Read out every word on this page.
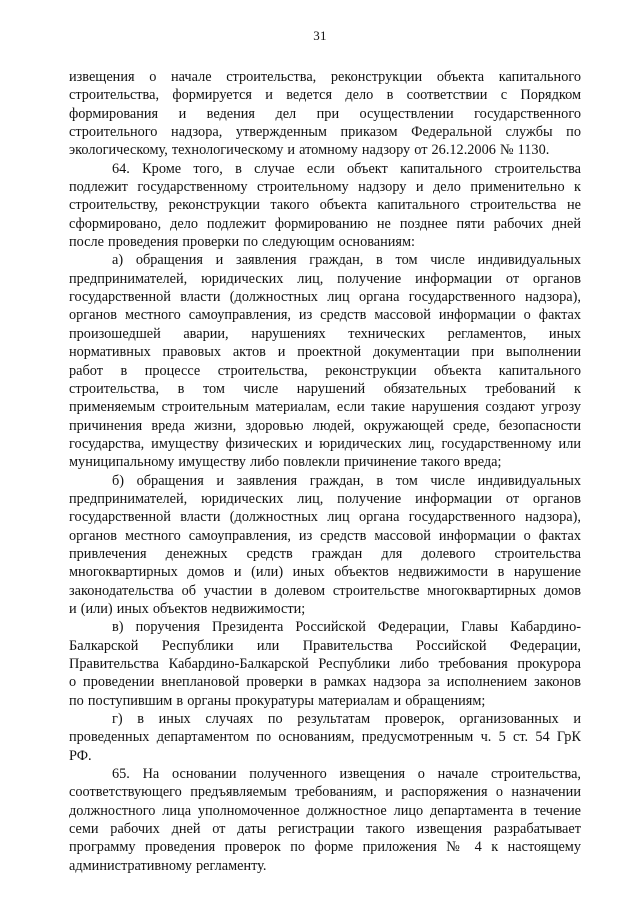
31

извещения о начале строительства, реконструкции объекта капитального
строительства, формируется и ведется дело в соответствии с Порядком
формирования и ведения дел при осуществлении государственного
строительного надзора, утвержденным приказом Федеральной службы по
экологическому, технологическому и атомному надзору от 26.12.2006 № 1130.

64. Кроме того, в случае если объект капитального строительства
подлежит государственному строительному надзору и дело применительно к
строительству, реконструкции такого объекта капитального строительства не
сформировано, дело подлежит формированию не позднее пяти рабочих дней
после проведения проверки по следующим основаниям:

а) обращения и заявления граждан, в том числе индивидуальных
предпринимателей, юридических лиц, получение информации от органов
государственной власти (должностных лиц органа государственного надзора),
органов местного самоуправления, из средств массовой информации о фактах
произошедшей аварии, нарушениях технических регламентов, иных
нормативных правовых актов и проектной документации при выполнении
работ в процессе строительства, реконструкции объекта капитального
строительства, в том числе нарушений обязательных требований к
применяемым строительным материалам, если такие нарушения создают угрозу
причинения вреда жизни, здоровью людей, окружающей среде, безопасности
государства, имуществу физических и юридических лиц, государственному или
муниципальному имуществу либо повлекли причинение такого вреда;

б) обращения и заявления граждан, в том числе индивидуальных
предпринимателей, юридических лиц, получение информации от органов
государственной власти (должностных лиц органа государственного надзора),
органов местного самоуправления, из средств массовой информации о фактах
привлечения денежных средств граждан для долевого строительства
многоквартирных домов и (или) иных объектов недвижимости в нарушение
законодательства об участии в долевом строительстве многоквартирных домов
и (или) иных объектов недвижимости;

в) поручения Президента Российской Федерации, Главы Кабардино-
Балкарской Республики или Правительства Российской Федерации,
Правительства Кабардино-Балкарской Республики либо требования прокурора
о проведении внеплановой проверки в рамках надзора за исполнением законов
по поступившим в органы прокуратуры материалам и обращениям;

г) в иных случаях по результатам проверок, организованных и
проведенных департаментом по основаниям, предусмотренным ч. 5 ст. 54 ГрК
РФ.

65. На основании полученного извещения о начале строительства,
соответствующего предъявляемым требованиям, и распоряжения о назначении
должностного лица уполномоченное должностное лицо департамента в течение
семи рабочих дней от даты регистрации такого извещения разрабатывает
программу проведения проверок по форме приложения № 4 к настоящему
административному регламенту.
